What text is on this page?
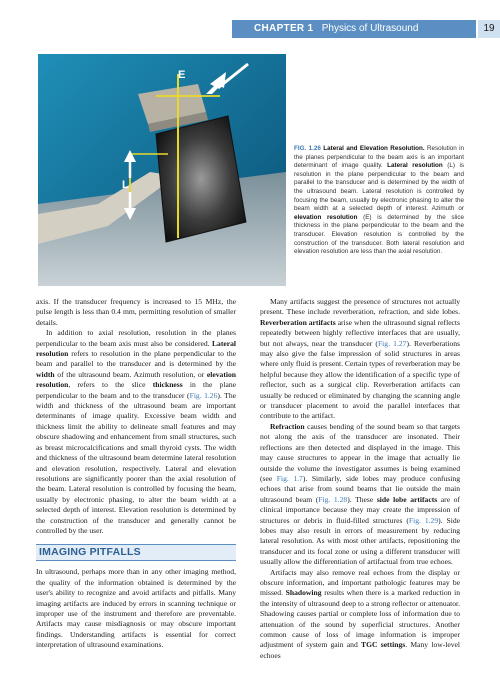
CHAPTER 1 Physics of Ultrasound	19
E
L
FIG. 1.26 Lateral and Elevation Resolution. Resolution in the planes perpendicular to the beam axis is an important determinant of image quality. Lateral resolution (L) is resolution in the plane perpendicular to the beam and parallel to the transducer and is determined by the width of the ultrasound beam. Lateral resolution is controlled by focusing the beam, usually by electronic phasing to alter the beam width at a selected depth of interest. Azimuth or elevation resolution (E) is determined by the slice thickness in the plane perpendicular to the beam and the transducer. Elevation resolution is controlled by the construction of the transducer. Both lateral resolution and elevation resolution are less than the axial resolution.

axis. If the transducer frequency is increased to 15 MHz, the pulse length is less than 0.4 mm, permitting resolution of smaller details.

In addition to axial resolution, resolution in the planes perpendicular to the beam axis must also be considered. Lateral resolution refers to resolution in the plane perpendicular to the beam and parallel to the transducer and is determined by the width of the ultrasound beam. Azimuth resolution, or elevation resolution, refers to the slice thickness in the plane perpendicular to the beam and to the transducer (Fig. 1.26). The width and thickness of the ultrasound beam are important determinants of image quality. Excessive beam width and thickness limit the ability to delineate small features and may obscure shadowing and enhancement from small structures, such as breast microcalcifications and small thyroid cysts. The width and thickness of the ultrasound beam determine lateral resolution and elevation resolution, respectively. Lateral and elevation resolutions are significantly poorer than the axial resolution of the beam. Lateral resolution is controlled by focusing the beam, usually by electronic phasing, to alter the beam width at a selected depth of interest. Elevation resolution is determined by the construction of the transducer and generally cannot be controlled by the user.

IMAGING PITFALLS

In ultrasound, perhaps more than in any other imaging method, the quality of the information obtained is determined by the user's ability to recognize and avoid artifacts and pitfalls. Many imaging artifacts are induced by errors in scanning technique or improper use of the instrument and therefore are preventable. Artifacts may cause misdiagnosis or may obscure important findings. Understanding artifacts is essential for correct interpretation of ultrasound examinations.

Many artifacts suggest the presence of structures not actually present. These include reverberation, refraction, and side lobes. Reverberation artifacts arise when the ultrasound signal reflects repeatedly between highly reflective interfaces that are usually, but not always, near the transducer (Fig. 1.27). Reverberations may also give the false impression of solid structures in areas where only fluid is present. Certain types of reverberation may be helpful because they allow the identification of a specific type of reflector, such as a surgical clip. Reverberation artifacts can usually be reduced or eliminated by changing the scanning angle or transducer placement to avoid the parallel interfaces that contribute to the artifact.

Refraction causes bending of the sound beam so that targets not along the axis of the transducer are insonated. Their reflections are then detected and displayed in the image. This may cause structures to appear in the image that actually lie outside the volume the investigator assumes is being examined (see Fig. 1.7). Similarly, side lobes may produce confusing echoes that arise from sound beams that lie outside the main ultrasound beam (Fig. 1.28). These side lobe artifacts are of clinical importance because they may create the impression of structures or debris in fluid-filled structures (Fig. 1.29). Side lobes may also result in errors of measurement by reducing lateral resolution. As with most other artifacts, repositioning the transducer and its focal zone or using a different transducer will usually allow the differentiation of artifactual from true echoes.

Artifacts may also remove real echoes from the display or obscure information, and important pathologic features may be missed. Shadowing results when there is a marked reduction in the intensity of ultrasound deep to a strong reflector or attenuator. Shadowing causes partial or complete loss of information due to attenuation of the sound by superficial structures. Another common cause of loss of image information is improper adjustment of system gain and TGC settings. Many low-level echoes
